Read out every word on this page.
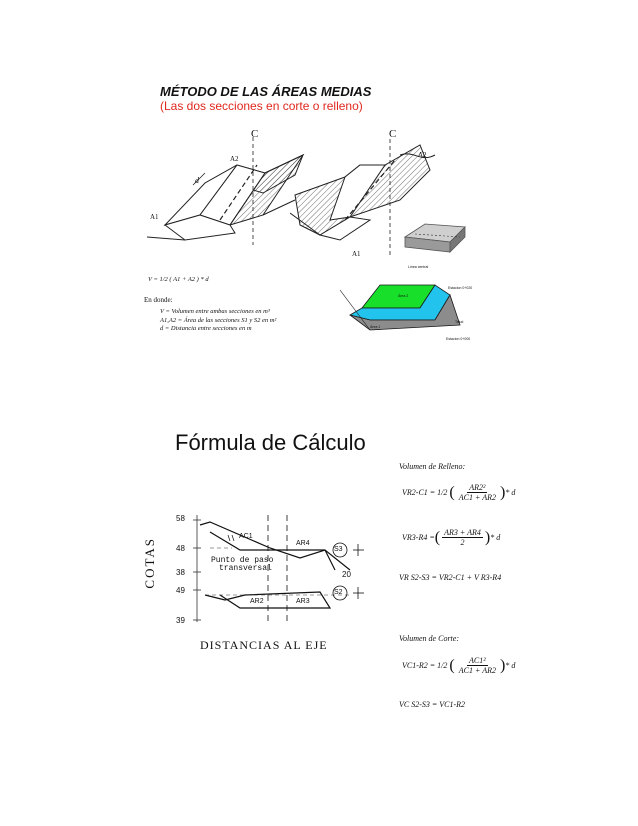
MÉTODO DE LAS ÁREAS MEDIAS
(Las dos secciones en corte o relleno)
C
A2
A1
d
C
A2
A1
Línea central
Estacion 0+020
Estacion 0+000
Área 2
Área 1
Talud
V = 1/2 ( A1 + A2 ) * d
En donde:
V = Volumen entre ambas secciones en m³
A1,A2 = Área de las secciones S1 y S2 en m²
d = Distancia entre secciones en m
Fórmula de Cálculo
COTAS
58
48
38
49
39
AC1
AR4
AR2	AR3
S3
S2
20
Punto de paso
transversal
DISTANCIAS AL EJE
Volumen de Relleno:
VR2-C1 = 1/2 ( $\frac{\text{AR2²}}{AC1 + AR2}$ ) * d
VR3-R4 = ( $\frac{AR3 + AR4}{2}$ ) * d
VR S2-S3 = VR2-C1 + V R3-R4
Volumen de Corte:
VC1-R2 = 1/2 ( $\frac{\text{AC1²}}{AC1 + AR2}$ ) * d
VC S2-S3 = VC1-R2
